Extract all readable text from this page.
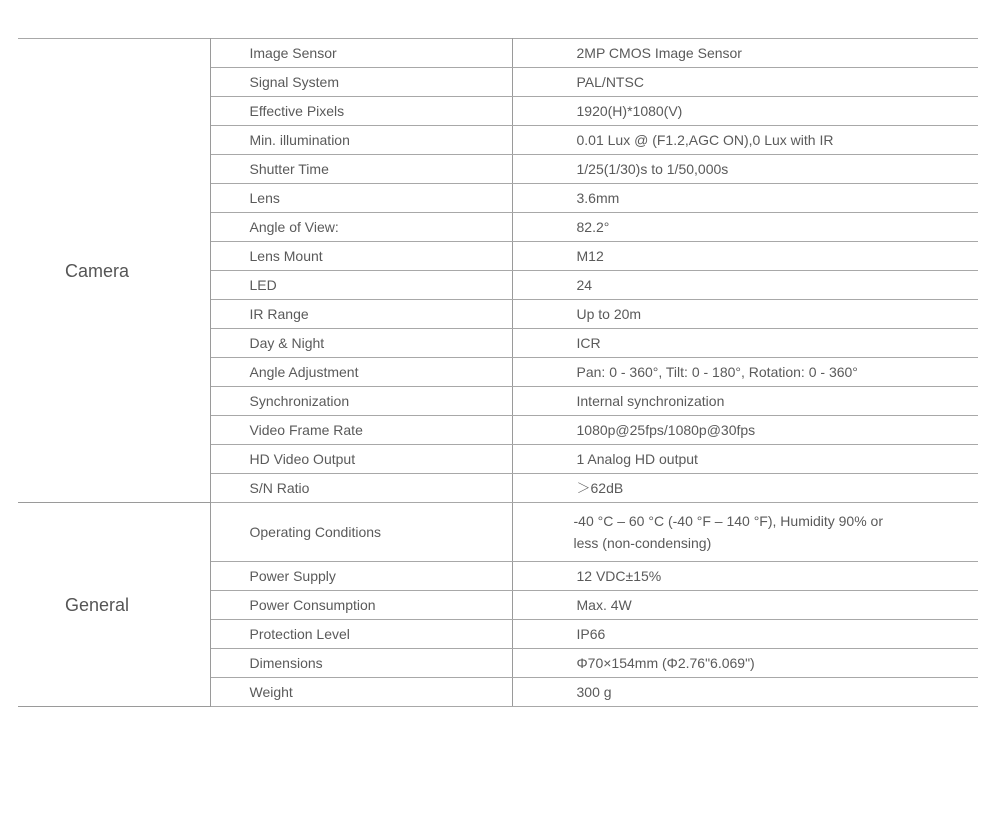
Camera	Image Sensor	2MP CMOS Image Sensor
	Signal System	PAL/NTSC
	Effective Pixels	1920(H)*1080(V)
	Min. illumination	0.01 Lux @ (F1.2,AGC ON),0 Lux with IR
	Shutter Time	1/25(1/30)s to 1/50,000s
	Lens	3.6mm
	Angle of View:	82.2°
	Lens Mount	M12
	LED	24
	IR Range	Up to 20m
	Day & Night	ICR
	Angle Adjustment	Pan: 0 - 360°, Tilt: 0 - 180°, Rotation: 0 - 360°
	Synchronization	Internal synchronization
	Video Frame Rate	1080p@25fps/1080p@30fps
	HD Video Output	1 Analog HD output
	S/N Ratio	＞62dB
General	Operating Conditions	-40 °C – 60 °C (-40 °F – 140 °F), Humidity 90% or less (non-condensing)
	Power Supply	12 VDC±15%
	Power Consumption	Max. 4W
	Protection Level	IP66
	Dimensions	Φ70×154mm (Φ2.76"6.069")
	Weight	300 g
